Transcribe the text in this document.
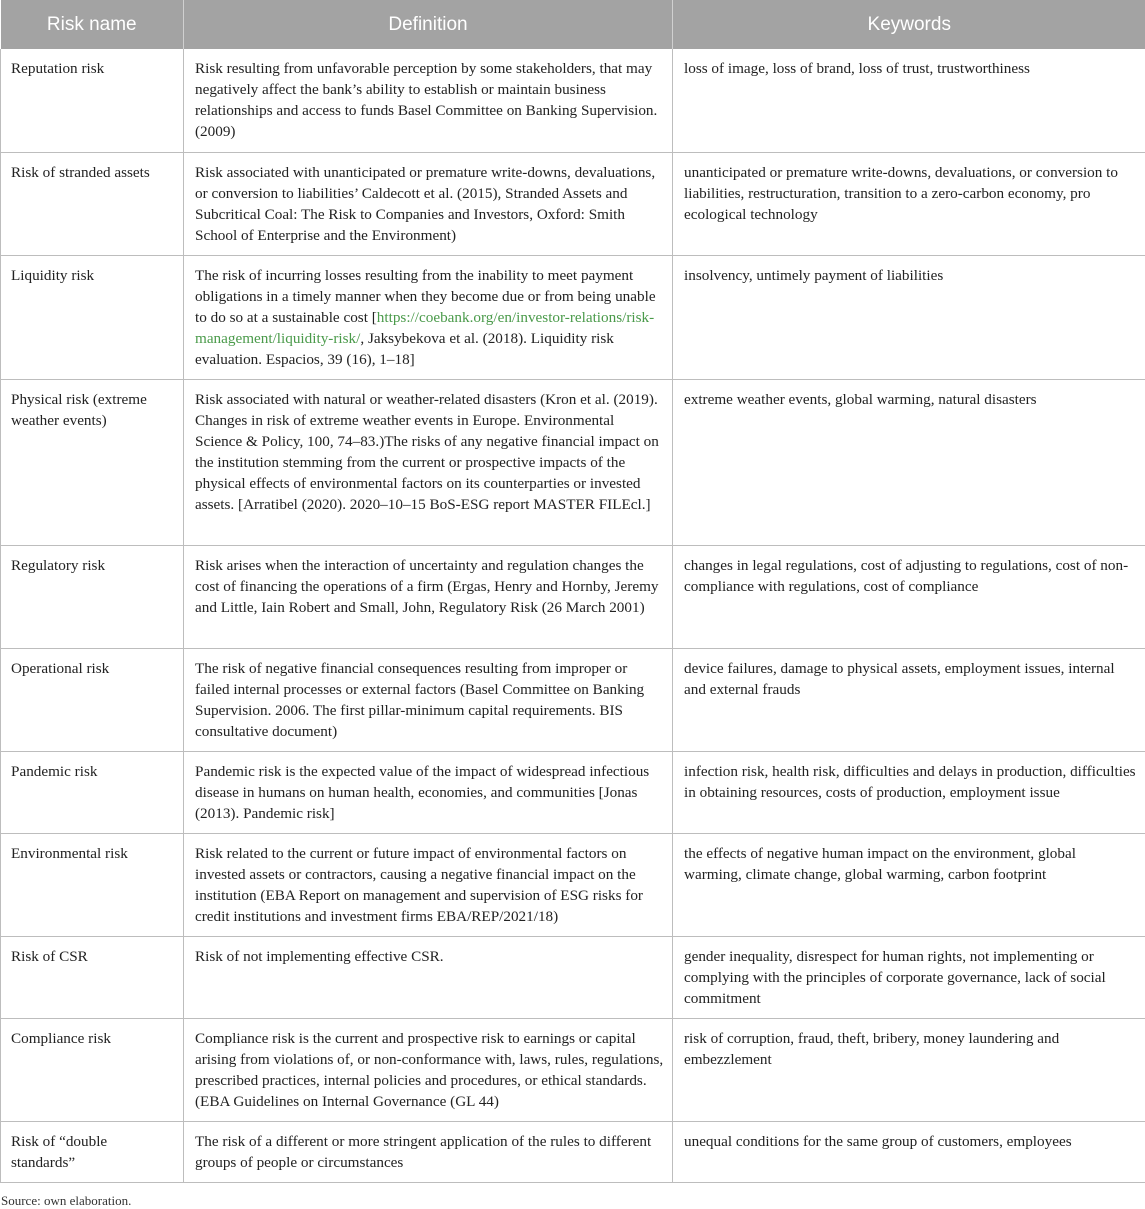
Risk name	Definition	Keywords
Reputation risk	Risk resulting from unfavorable perception by some stakeholders, that may negatively affect the bank’s ability to establish or maintain business relationships and access to funds Basel Committee on Banking Supervision. (2009)	loss of image, loss of brand, loss of trust, trustworthiness
Risk of stranded assets	Risk associated with unanticipated or premature write-downs, devaluations, or conversion to liabilities’ Caldecott et al. (2015), Stranded Assets and Subcritical Coal: The Risk to Companies and Investors, Oxford: Smith School of Enterprise and the Environment)	unanticipated or premature write-downs, devaluations, or conversion to liabilities, restructuration, transition to a zero-carbon economy, pro ecological technology
Liquidity risk	The risk of incurring losses resulting from the inability to meet payment obligations in a timely manner when they become due or from being unable to do so at a sustainable cost [https://coebank.org/en/investor-relations/risk-management/liquidity-risk/, Jaksybekova et al. (2018). Liquidity risk evaluation. Espacios, 39 (16), 1–18]	insolvency, untimely payment of liabilities
Physical risk (extreme weather events)	Risk associated with natural or weather-related disasters (Kron et al. (2019). Changes in risk of extreme weather events in Europe. Environmental Science & Policy, 100, 74–83.)The risks of any negative financial impact on the institution stemming from the current or prospective impacts of the physical effects of environmental factors on its counterparties or invested assets. [Arratibel (2020). 2020–10–15 BoS-ESG report MASTER FILEcl.]	extreme weather events, global warming, natural disasters
Regulatory risk	Risk arises when the interaction of uncertainty and regulation changes the cost of financing the operations of a firm (Ergas, Henry and Hornby, Jeremy and Little, Iain Robert and Small, John, Regulatory Risk (26 March 2001)	changes in legal regulations, cost of adjusting to regulations, cost of non-compliance with regulations, cost of compliance
Operational risk	The risk of negative financial consequences resulting from improper or failed internal processes or external factors (Basel Committee on Banking Supervision. 2006. The first pillar-minimum capital requirements. BIS consultative document)	device failures, damage to physical assets, employment issues, internal and external frauds
Pandemic risk	Pandemic risk is the expected value of the impact of widespread infectious disease in humans on human health, economies, and communities [Jonas (2013). Pandemic risk]	infection risk, health risk, difficulties and delays in production, difficulties in obtaining resources, costs of production, employment issue
Environmental risk	Risk related to the current or future impact of environmental factors on invested assets or contractors, causing a negative financial impact on the institution (EBA Report on management and supervision of ESG risks for credit institutions and investment firms EBA/REP/2021/18)	the effects of negative human impact on the environment, global warming, climate change, global warming, carbon footprint
Risk of CSR	Risk of not implementing effective CSR.	gender inequality, disrespect for human rights, not implementing or complying with the principles of corporate governance, lack of social commitment
Compliance risk	Compliance risk is the current and prospective risk to earnings or capital arising from violations of, or non-conformance with, laws, rules, regulations, prescribed practices, internal policies and procedures, or ethical standards. (EBA Guidelines on Internal Governance (GL 44)	risk of corruption, fraud, theft, bribery, money laundering and embezzlement
Risk of “double standards”	The risk of a different or more stringent application of the rules to different groups of people or circumstances	unequal conditions for the same group of customers, employees
Source: own elaboration.
